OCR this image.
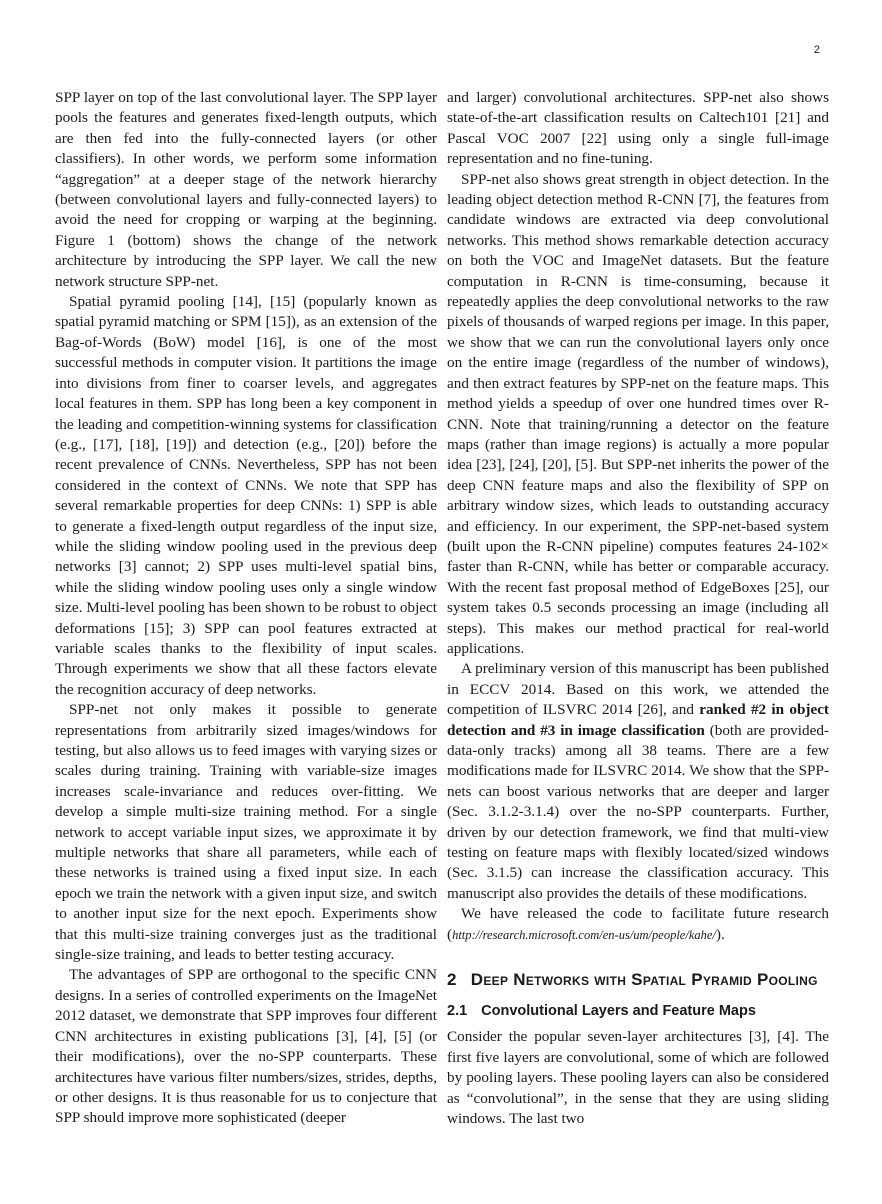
2

SPP layer on top of the last convolutional layer. The SPP layer pools the features and generates fixed-length outputs, which are then fed into the fully-connected layers (or other classifiers). In other words, we perform some information “aggregation” at a deeper stage of the network hierarchy (between convolutional layers and fully-connected layers) to avoid the need for cropping or warping at the beginning. Figure 1 (bottom) shows the change of the network architecture by introducing the SPP layer. We call the new network structure SPP-net.

Spatial pyramid pooling [14], [15] (popularly known as spatial pyramid matching or SPM [15]), as an extension of the Bag-of-Words (BoW) model [16], is one of the most successful methods in computer vision. It partitions the image into divisions from finer to coarser levels, and aggregates local features in them. SPP has long been a key component in the leading and competition-winning systems for classification (e.g., [17], [18], [19]) and detection (e.g., [20]) before the recent prevalence of CNNs. Nevertheless, SPP has not been considered in the context of CNNs. We note that SPP has several remarkable properties for deep CNNs: 1) SPP is able to generate a fixed-length output regardless of the input size, while the sliding window pooling used in the previous deep networks [3] cannot; 2) SPP uses multi-level spatial bins, while the sliding window pooling uses only a single window size. Multi-level pooling has been shown to be robust to object deformations [15]; 3) SPP can pool features extracted at variable scales thanks to the flexibility of input scales. Through experiments we show that all these factors elevate the recognition accuracy of deep networks.

SPP-net not only makes it possible to generate representations from arbitrarily sized images/windows for testing, but also allows us to feed images with varying sizes or scales during training. Training with variable-size images increases scale-invariance and reduces over-fitting. We develop a simple multi-size training method. For a single network to accept variable input sizes, we approximate it by multiple networks that share all parameters, while each of these networks is trained using a fixed input size. In each epoch we train the network with a given input size, and switch to another input size for the next epoch. Experiments show that this multi-size training converges just as the traditional single-size training, and leads to better testing accuracy.

The advantages of SPP are orthogonal to the specific CNN designs. In a series of controlled experiments on the ImageNet 2012 dataset, we demonstrate that SPP improves four different CNN architectures in existing publications [3], [4], [5] (or their modifications), over the no-SPP counterparts. These architectures have various filter numbers/sizes, strides, depths, or other designs. It is thus reasonable for us to conjecture that SPP should improve more sophisticated (deeper

and larger) convolutional architectures. SPP-net also shows state-of-the-art classification results on Caltech101 [21] and Pascal VOC 2007 [22] using only a single full-image representation and no fine-tuning.

SPP-net also shows great strength in object detection. In the leading object detection method R-CNN [7], the features from candidate windows are extracted via deep convolutional networks. This method shows remarkable detection accuracy on both the VOC and ImageNet datasets. But the feature computation in R-CNN is time-consuming, because it repeatedly applies the deep convolutional networks to the raw pixels of thousands of warped regions per image. In this paper, we show that we can run the convolutional layers only once on the entire image (regardless of the number of windows), and then extract features by SPP-net on the feature maps. This method yields a speedup of over one hundred times over R-CNN. Note that training/running a detector on the feature maps (rather than image regions) is actually a more popular idea [23], [24], [20], [5]. But SPP-net inherits the power of the deep CNN feature maps and also the flexibility of SPP on arbitrary window sizes, which leads to outstanding accuracy and efficiency. In our experiment, the SPP-net-based system (built upon the R-CNN pipeline) computes features 24-102× faster than R-CNN, while has better or comparable accuracy. With the recent fast proposal method of EdgeBoxes [25], our system takes 0.5 seconds processing an image (including all steps). This makes our method practical for real-world applications.

A preliminary version of this manuscript has been published in ECCV 2014. Based on this work, we attended the competition of ILSVRC 2014 [26], and ranked #2 in object detection and #3 in image classification (both are provided-data-only tracks) among all 38 teams. There are a few modifications made for ILSVRC 2014. We show that the SPP-nets can boost various networks that are deeper and larger (Sec. 3.1.2-3.1.4) over the no-SPP counterparts. Further, driven by our detection framework, we find that multi-view testing on feature maps with flexibly located/sized windows (Sec. 3.1.5) can increase the classification accuracy. This manuscript also provides the details of these modifications.

We have released the code to facilitate future research (http://research.microsoft.com/en-us/um/people/kahe/).

2 Deep Networks with Spatial Pyramid Pooling
2.1 Convolutional Layers and Feature Maps

Consider the popular seven-layer architectures [3], [4]. The first five layers are convolutional, some of which are followed by pooling layers. These pooling layers can also be considered as “convolutional”, in the sense that they are using sliding windows. The last two
